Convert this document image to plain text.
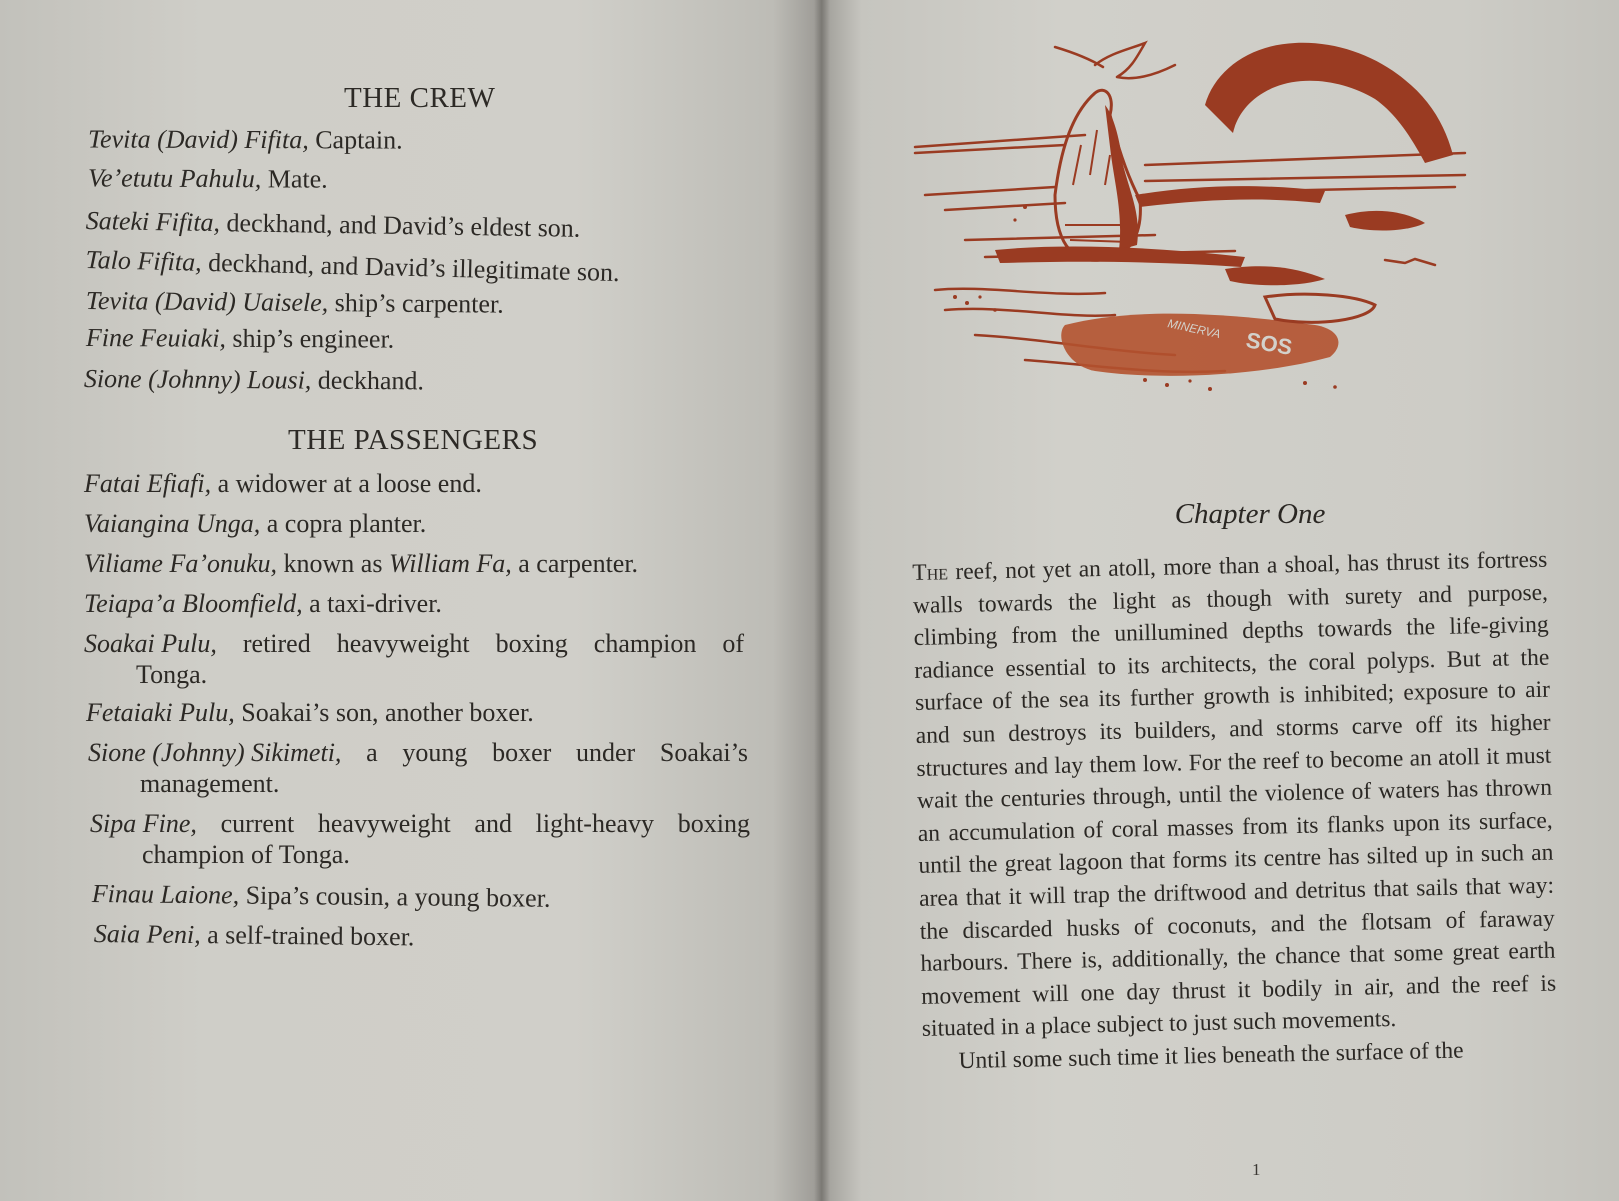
THE CREW
Tevita (David) Fifita, Captain.
Ve’etutu Pahulu, Mate.
Sateki Fifita, deckhand, and David’s eldest son.
Talo Fifita, deckhand, and David’s illegitimate son.
Tevita (David) Uaisele, ship’s carpenter.
Fine Feuiaki, ship’s engineer.
Sione (Johnny) Lousi, deckhand.
THE PASSENGERS
Fatai Efiafi, a widower at a loose end.
Vaiangina Unga, a copra planter.
Viliame Fa’onuku, known as William Fa, a carpenter.
Teiapa’a Bloomfield, a taxi-driver.
Soakai Pulu, retired heavyweight boxing champion of
Tonga.
Fetaiaki Pulu, Soakai’s son, another boxer.
Sione (Johnny) Sikimeti, a young boxer under Soakai’s
management.
Sipa Fine, current heavyweight and light-heavy boxing
champion of Tonga.
Finau Laione, Sipa’s cousin, a young boxer.
Saia Peni, a self-trained boxer.
MINERVA SOS
Chapter One

The reef, not yet an atoll, more than a shoal, has thrust its fortress walls towards the light as though with surety and purpose, climbing from the unillumined depths towards the life-giving radiance essential to its architects, the coral polyps. But at the surface of the sea its further growth is inhibited; exposure to air and sun destroys its builders, and storms carve off its higher structures and lay them low. For the reef to become an atoll it must wait the centuries through, until the violence of waters has thrown an accumulation of coral masses from its flanks upon its surface, until the great lagoon that forms its centre has silted up in such an area that it will trap the driftwood and detritus that sails that way: the discarded husks of coconuts, and the flotsam of faraway harbours. There is, additionally, the chance that some great earth movement will one day thrust it bodily in air, and the reef is situated in a place subject to just such movements.

Until some such time it lies beneath the surface of the

1
